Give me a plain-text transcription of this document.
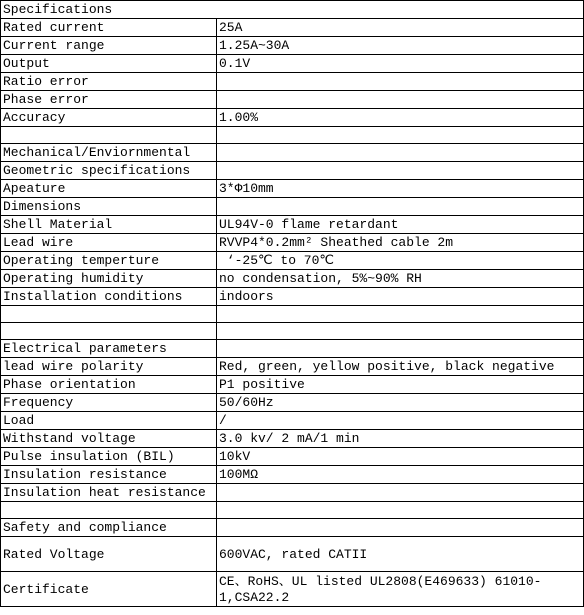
Specifications	
Rated current	25A
Current range	1.25A~30A
Output	0.1V
Ratio error	
Phase error	
Accuracy	1.00%

Mechanical/Enviornmental	
Geometric specifications	
Apeature	3*Φ10mm
Dimensions	
Shell Material	UL94V-0 flame retardant
Lead wire	RVVP4*0.2mm² Sheathed cable 2m
Operating temperture	‘-25℃ to 70℃
Operating humidity	no condensation, 5%~90% RH
Installation conditions	indoors

Electrical parameters	
lead wire polarity	Red, green, yellow positive, black negative
Phase orientation	P1 positive
Frequency	50/60Hz
Load	/
Withstand voltage	3.0 kv/ 2 mA/1 min
Pulse insulation (BIL)	10kV
Insulation resistance	100MΩ
Insulation heat resistance	

Safety and compliance	
Rated Voltage	600VAC, rated CATII
Certificate	CE、RoHS、UL listed UL2808(E469633) 61010-1,CSA22.2
